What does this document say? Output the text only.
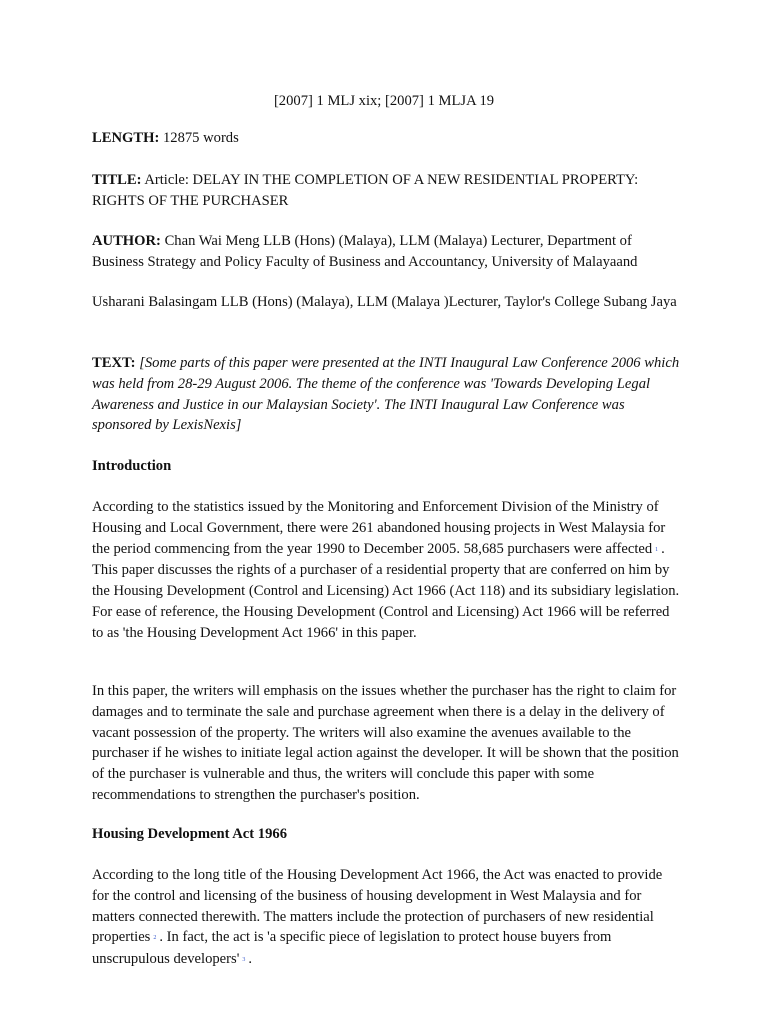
[2007] 1 MLJ xix; [2007] 1 MLJA 19

LENGTH: 12875 words

TITLE: Article: DELAY IN THE COMPLETION OF A NEW RESIDENTIAL PROPERTY: RIGHTS OF THE PURCHASER

AUTHOR: Chan Wai Meng LLB (Hons) (Malaya), LLM (Malaya) Lecturer, Department of Business Strategy and Policy Faculty of Business and Accountancy, University of Malayaand

Usharani Balasingam LLB (Hons) (Malaya), LLM (Malaya )Lecturer, Taylor's College Subang Jaya

TEXT: [Some parts of this paper were presented at the INTI Inaugural Law Conference 2006 which was held from 28-29 August 2006. The theme of the conference was 'Towards Developing Legal Awareness and Justice in our Malaysian Society'. The INTI Inaugural Law Conference was sponsored by LexisNexis]

Introduction

According to the statistics issued by the Monitoring and Enforcement Division of the Ministry of Housing and Local Government, there were 261 abandoned housing projects in West Malaysia for the period commencing from the year 1990 to December 2005. 58,685 purchasers were affected 1 . This paper discusses the rights of a purchaser of a residential property that are conferred on him by the Housing Development (Control and Licensing) Act 1966 (Act 118) and its subsidiary legislation. For ease of reference, the Housing Development (Control and Licensing) Act 1966 will be referred to as 'the Housing Development Act 1966' in this paper.

In this paper, the writers will emphasis on the issues whether the purchaser has the right to claim for damages and to terminate the sale and purchase agreement when there is a delay in the delivery of vacant possession of the property. The writers will also examine the avenues available to the purchaser if he wishes to initiate legal action against the developer. It will be shown that the position of the purchaser is vulnerable and thus, the writers will conclude this paper with some recommendations to strengthen the purchaser's position.

Housing Development Act 1966

According to the long title of the Housing Development Act 1966, the Act was enacted to provide for the control and licensing of the business of housing development in West Malaysia and for matters connected therewith. The matters include the protection of purchasers of new residential properties 2 . In fact, the act is 'a specific piece of legislation to protect house buyers from unscrupulous developers' 3 .
